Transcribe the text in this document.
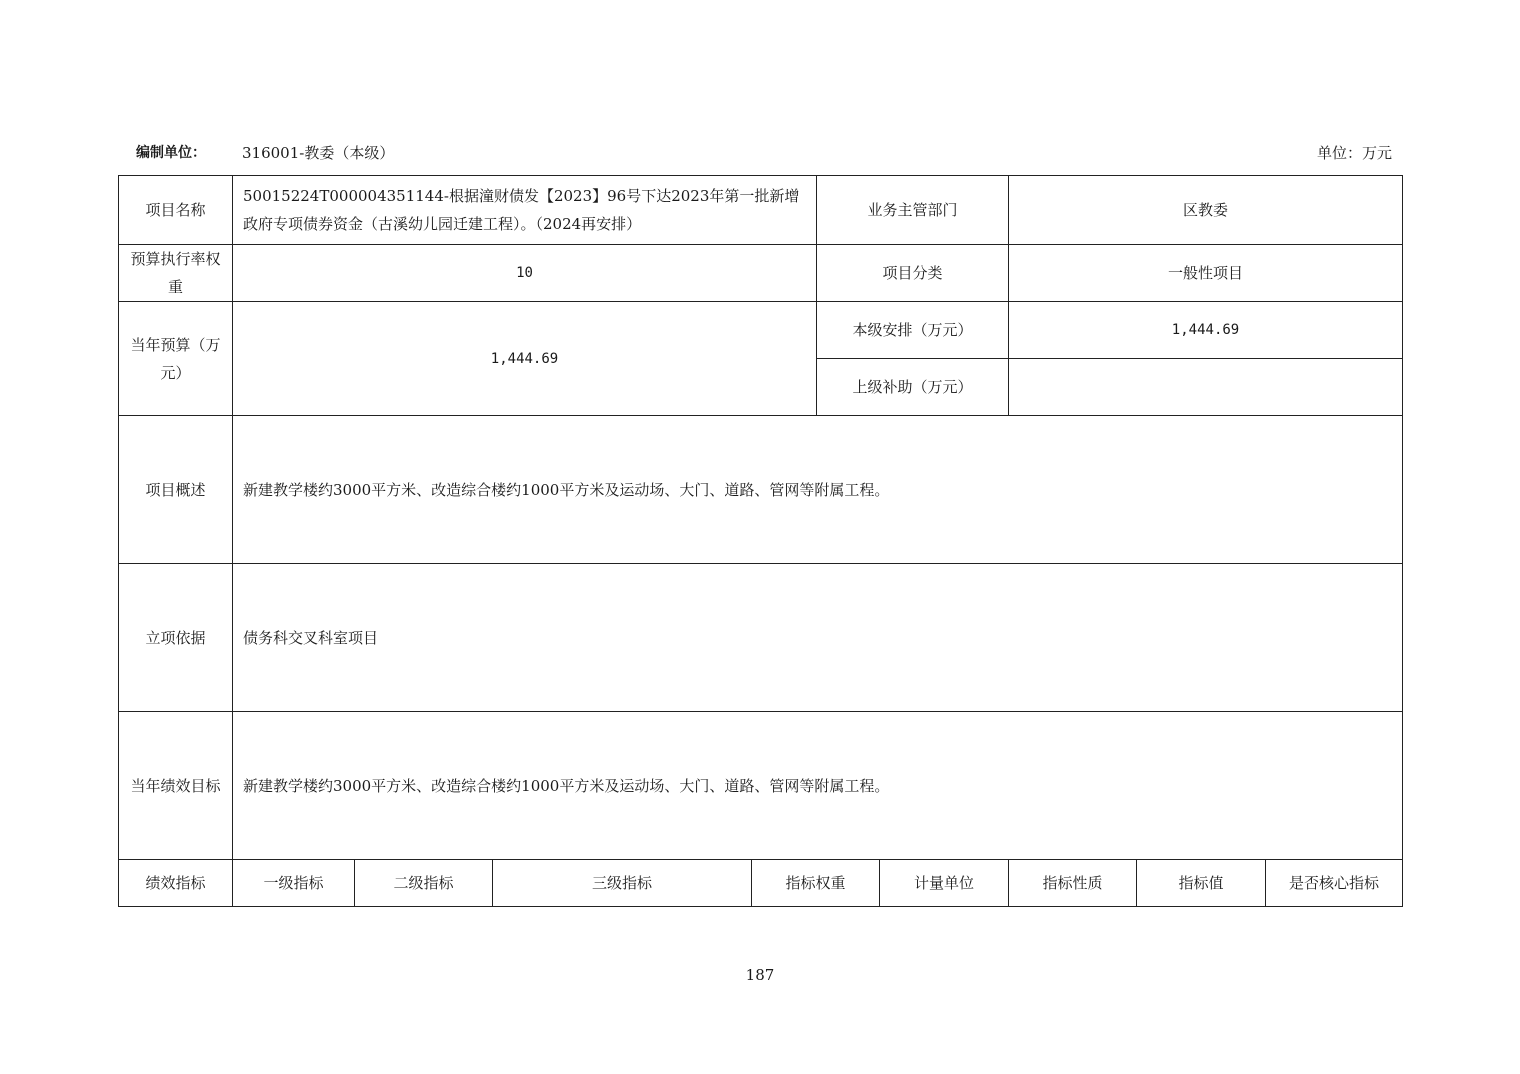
编制单位： 316001-教委（本级）	单位：万元
项目名称	50015224T000004351144-根据潼财债发【2023】96号下达2023年第一批新增政府专项债券资金（古溪幼儿园迁建工程）。（2024再安排）				业务主管部门		区教委		
预算执行率权重	10				项目分类		一般性项目		
当年预算（万元）	1,444.69				本级安排（万元）		1,444.69		
					上级补助（万元）				
项目概述	新建教学楼约3000平方米、改造综合楼约1000平方米及运动场、大门、道路、管网等附属工程。								
立项依据	债务科交叉科室项目								
当年绩效目标	新建教学楼约3000平方米、改造综合楼约1000平方米及运动场、大门、道路、管网等附属工程。								
绩效指标	一级指标	二级指标	三级指标	指标权重		计量单位	指标性质	指标值	是否核心指标
187
